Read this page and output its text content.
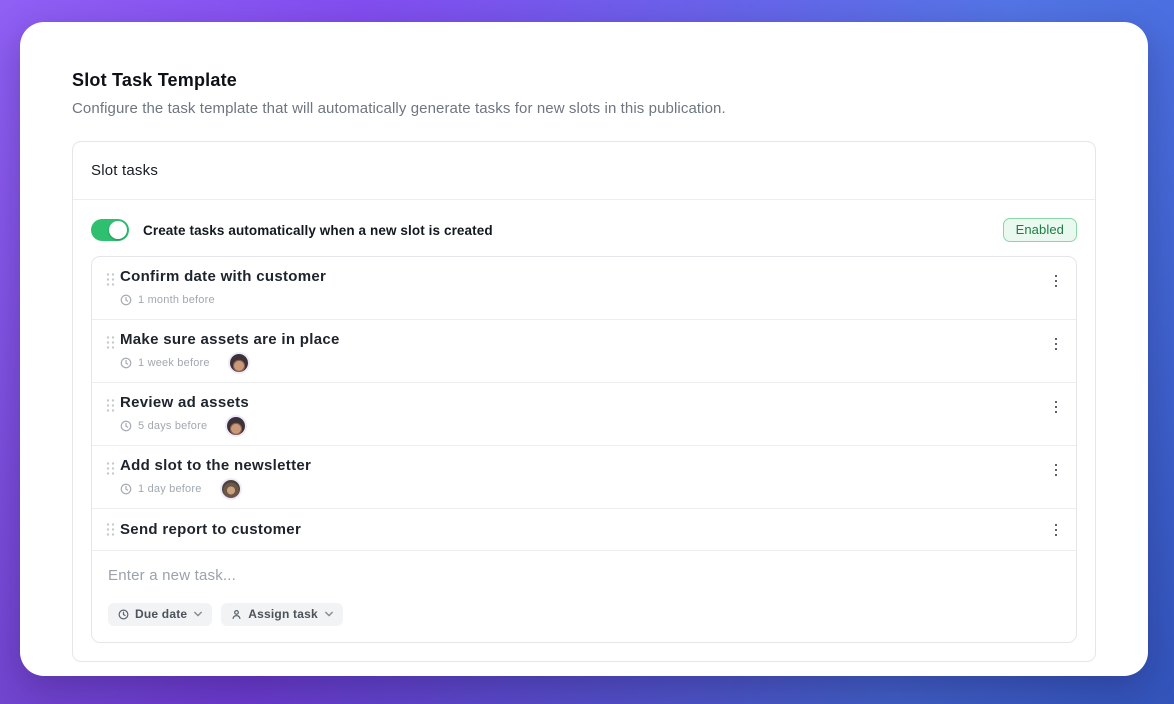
Slot Task Template
Configure the task template that will automatically generate tasks for new slots in this publication.
Slot tasks
Create tasks automatically when a new slot is created	Enabled
Confirm date with customer
1 month before
Make sure assets are in place
1 week before
Review ad assets
5 days before
Add slot to the newsletter
1 day before
Send report to customer
Enter a new task...
Due date	Assign task
